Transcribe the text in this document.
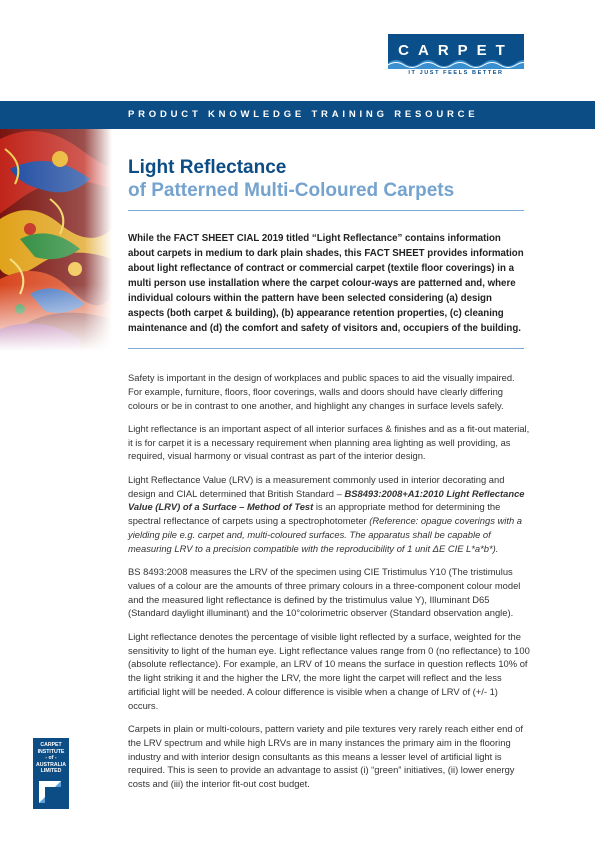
CARPET
IT JUST FEELS BETTER
PRODUCT KNOWLEDGE TRAINING RESOURCE
Light Reflectance
of Patterned Multi-Coloured Carpets
While the FACT SHEET CIAL 2019 titled “Light Reflectance” contains information about carpets in medium to dark plain shades, this FACT SHEET provides information about light reflectance of contract or commercial carpet (textile floor coverings) in a multi person use installation where the carpet colour-ways are patterned and, where individual colours within the pattern have been selected considering (a) design aspects (both carpet & building), (b) appearance retention properties, (c) cleaning maintenance and (d) the comfort and safety of visitors and, occupiers of the building.

Safety is important in the design of workplaces and public spaces to aid the visually impaired. For example, furniture, floors, floor coverings, walls and doors should have clearly differing colours or be in contrast to one another, and highlight any changes in surface levels safely.

Light reflectance is an important aspect of all interior surfaces & finishes and as a fit-out material, it is for carpet it is a necessary requirement when planning area lighting as well providing, as required, visual harmony or visual contrast as part of the interior design.

Light Reflectance Value (LRV) is a measurement commonly used in interior decorating and design and CIAL determined that British Standard – BS8493:2008+A1:2010 Light Reflectance Value (LRV) of a Surface – Method of Test is an appropriate method for determining the spectral reflectance of carpets using a spectrophotometer (Reference: opague coverings with a yielding pile e.g. carpet and, multi-coloured surfaces. The apparatus shall be capable of measuring LRV to a precision compatible with the reproducibility of 1 unit ΔE CIE L*a*b*).

BS 8493:2008 measures the LRV of the specimen using CIE Tristimulus Y10 (The tristimulus values of a colour are the amounts of three primary colours in a three-component colour model and the measured light reflectance is defined by the tristimulus value Y), Illuminant D65 (Standard daylight illuminant) and the 10°colorimetric observer (Standard observation angle).

Light reflectance denotes the percentage of visible light reflected by a surface, weighted for the sensitivity to light of the human eye. Light reflectance values range from 0 (no reflectance) to 100 (absolute reflectance). For example, an LRV of 10 means the surface in question reflects 10% of the light striking it and the higher the LRV, the more light the carpet will reflect and the less artificial light will be needed. A colour difference is visible when a change of LRV of (+/- 1) occurs.

Carpets in plain or multi-colours, pattern variety and pile textures very rarely reach either end of the LRV spectrum and while high LRVs are in many instances the primary aim in the flooring industry and with interior design consultants as this means a lesser level of artificial light is required. This is seen to provide an advantage to assist (i) “green” initiatives, (ii) lower energy costs and (iii) the interior fit-out cost budget.

CARPET
INSTITUTE
- of -
AUSTRALIA
LIMITED
